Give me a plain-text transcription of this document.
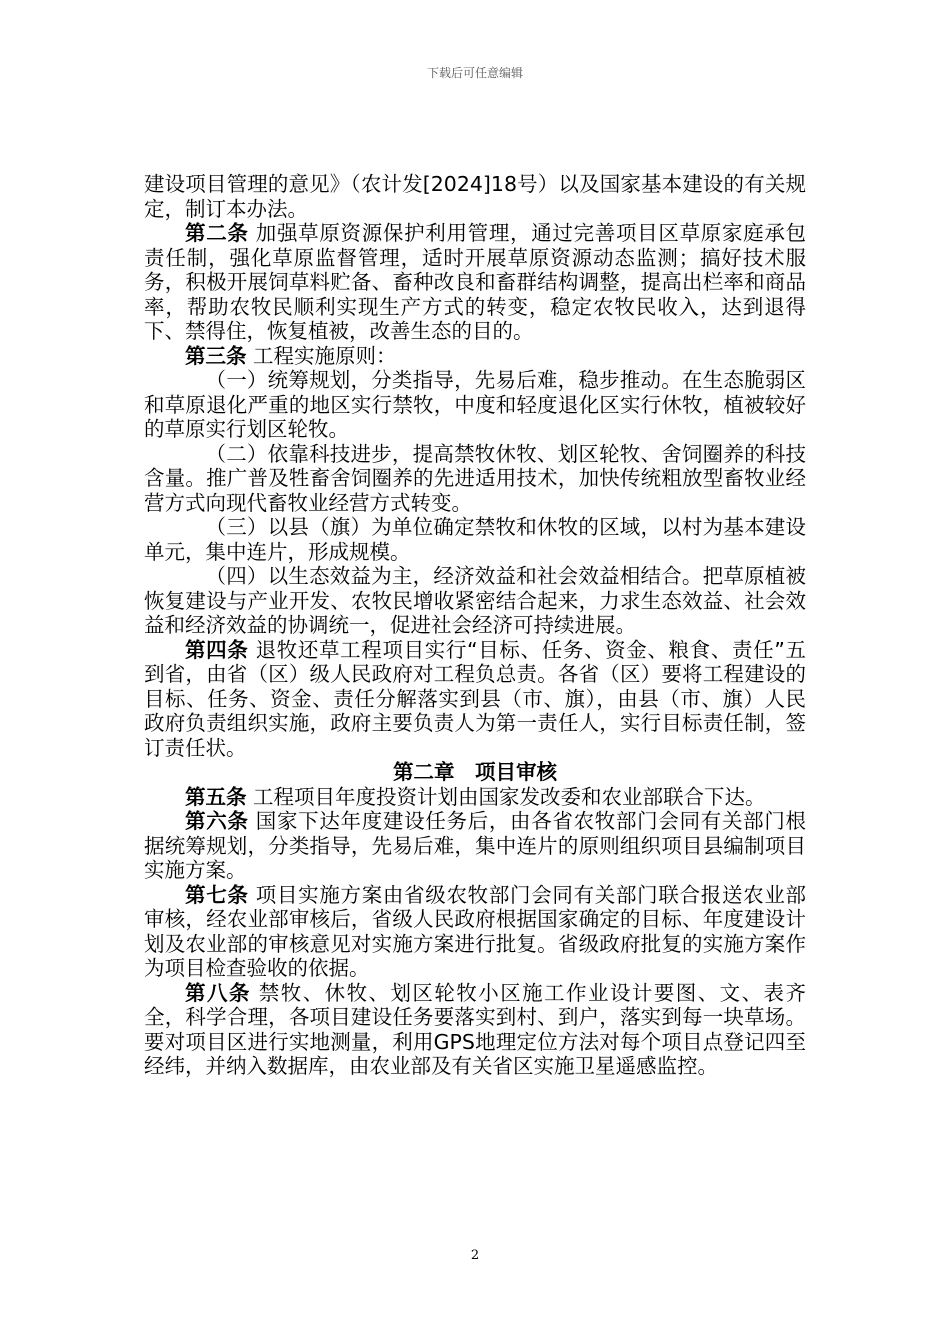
下载后可任意编辑

建设项目管理的意见》（农计发[2024]18号）以及国家基本建设的有关规定，制订本办法。

第二条 加强草原资源保护利用管理，通过完善项目区草原家庭承包责任制，强化草原监督管理，适时开展草原资源动态监测；搞好技术服务，积极开展饲草料贮备、畜种改良和畜群结构调整，提高出栏率和商品率，帮助农牧民顺利实现生产方式的转变，稳定农牧民收入，达到退得下、禁得住，恢复植被，改善生态的目的。

第三条 工程实施原则：

（一）统筹规划，分类指导，先易后难，稳步推动。在生态脆弱区和草原退化严重的地区实行禁牧，中度和轻度退化区实行休牧，植被较好的草原实行划区轮牧。

（二）依靠科技进步，提高禁牧休牧、划区轮牧、舍饲圈养的科技含量。推广普及牲畜舍饲圈养的先进适用技术，加快传统粗放型畜牧业经营方式向现代畜牧业经营方式转变。

（三）以县（旗）为单位确定禁牧和休牧的区域，以村为基本建设单元，集中连片，形成规模。

（四）以生态效益为主，经济效益和社会效益相结合。把草原植被恢复建设与产业开发、农牧民增收紧密结合起来，力求生态效益、社会效益和经济效益的协调统一，促进社会经济可持续进展。

第四条 退牧还草工程项目实行“目标、任务、资金、粮食、责任”五到省，由省（区）级人民政府对工程负总责。各省（区）要将工程建设的目标、任务、资金、责任分解落实到县（市、旗），由县（市、旗）人民政府负责组织实施，政府主要负责人为第一责任人，实行目标责任制，签订责任状。

第二章　项目审核

第五条 工程项目年度投资计划由国家发改委和农业部联合下达。

第六条 国家下达年度建设任务后，由各省农牧部门会同有关部门根据统筹规划，分类指导，先易后难，集中连片的原则组织项目县编制项目实施方案。

第七条 项目实施方案由省级农牧部门会同有关部门联合报送农业部审核，经农业部审核后，省级人民政府根据国家确定的目标、年度建设计划及农业部的审核意见对实施方案进行批复。省级政府批复的实施方案作为项目检查验收的依据。

第八条 禁牧、休牧、划区轮牧小区施工作业设计要图、文、表齐全，科学合理，各项目建设任务要落实到村、到户，落实到每一块草场。要对项目区进行实地测量，利用GPS地理定位方法对每个项目点登记四至经纬，并纳入数据库，由农业部及有关省区实施卫星遥感监控。

2
